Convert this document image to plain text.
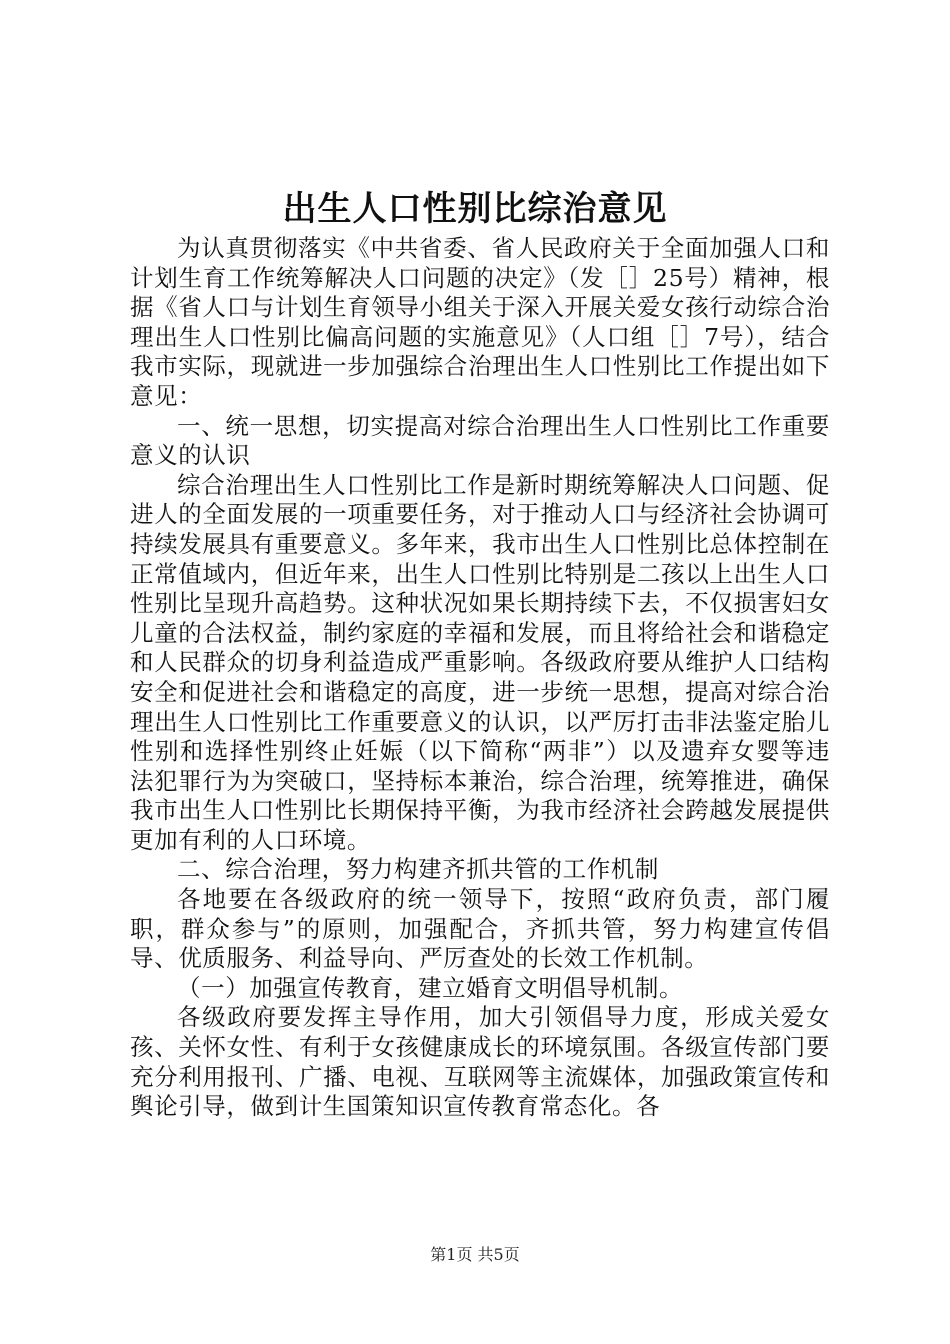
出生人口性别比综治意见

为认真贯彻落实《中共省委、省人民政府关于全面加强人口和计划生育工作统筹解决人口问题的决定》（发［］25号）精神，根据《省人口与计划生育领导小组关于深入开展关爱女孩行动综合治理出生人口性别比偏高问题的实施意见》（人口组［］7号），结合我市实际，现就进一步加强综合治理出生人口性别比工作提出如下意见：

一、统一思想，切实提高对综合治理出生人口性别比工作重要意义的认识

综合治理出生人口性别比工作是新时期统筹解决人口问题、促进人的全面发展的一项重要任务，对于推动人口与经济社会协调可持续发展具有重要意义。多年来，我市出生人口性别比总体控制在正常值域内，但近年来，出生人口性别比特别是二孩以上出生人口性别比呈现升高趋势。这种状况如果长期持续下去，不仅损害妇女儿童的合法权益，制约家庭的幸福和发展，而且将给社会和谐稳定和人民群众的切身利益造成严重影响。各级政府要从维护人口结构安全和促进社会和谐稳定的高度，进一步统一思想，提高对综合治理出生人口性别比工作重要意义的认识，以严厉打击非法鉴定胎儿性别和选择性别终止妊娠（以下简称“两非”）以及遗弃女婴等违法犯罪行为为突破口，坚持标本兼治，综合治理，统筹推进，确保我市出生人口性别比长期保持平衡，为我市经济社会跨越发展提供更加有利的人口环境。

二、综合治理，努力构建齐抓共管的工作机制

各地要在各级政府的统一领导下，按照“政府负责，部门履职，群众参与”的原则，加强配合，齐抓共管，努力构建宣传倡导、优质服务、利益导向、严厉查处的长效工作机制。

（一）加强宣传教育，建立婚育文明倡导机制。

各级政府要发挥主导作用，加大引领倡导力度，形成关爱女孩、关怀女性、有利于女孩健康成长的环境氛围。各级宣传部门要充分利用报刊、广播、电视、互联网等主流媒体，加强政策宣传和舆论引导，做到计生国策知识宣传教育常态化。各

第1页 共5页
